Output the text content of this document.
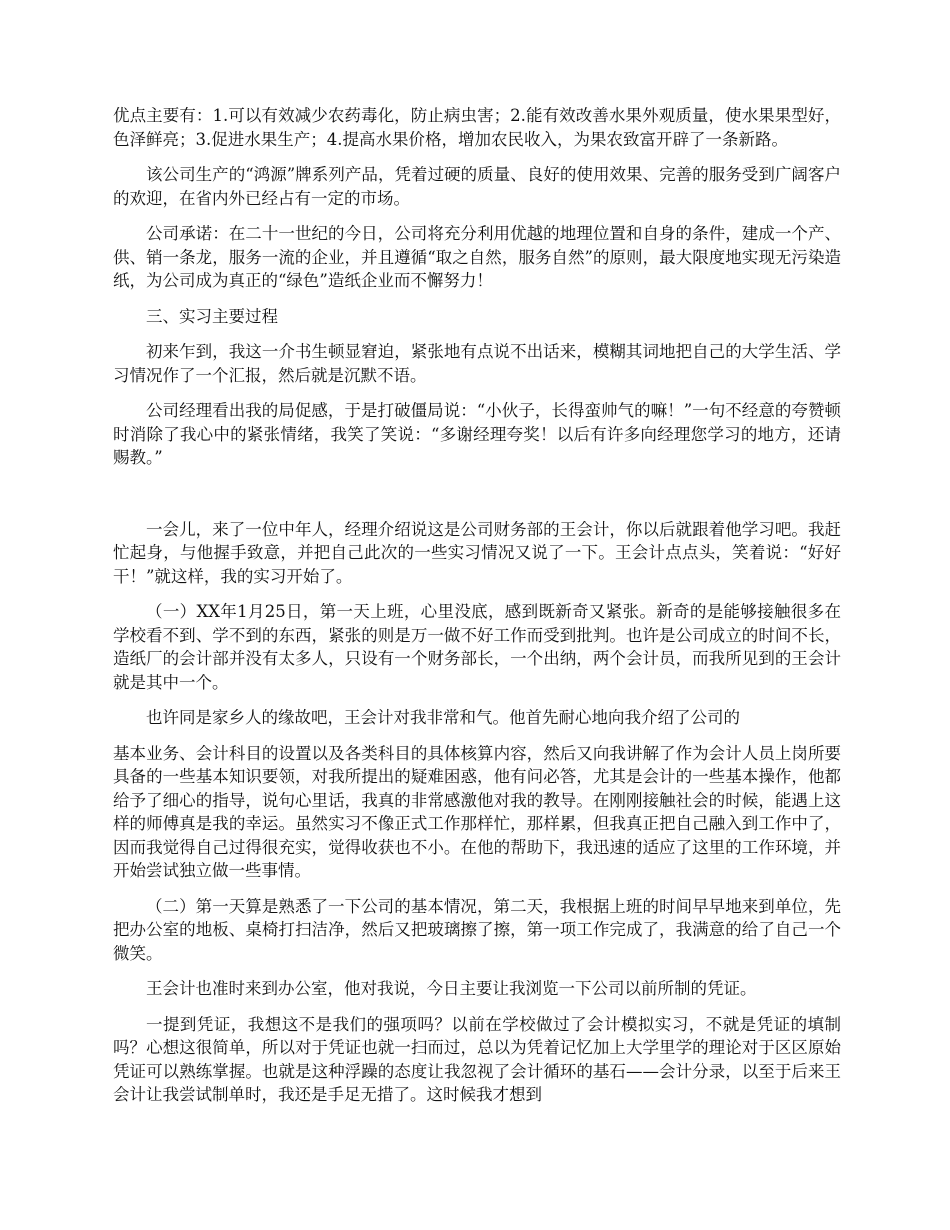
优点主要有：1.可以有效减少农药毒化，防止病虫害；2.能有效改善水果外观质量，使水果果型好，色泽鲜亮；3.促进水果生产；4.提高水果价格，增加农民收入，为果农致富开辟了一条新路。

该公司生产的“鸿源”牌系列产品，凭着过硬的质量、良好的使用效果、完善的服务受到广阔客户的欢迎，在省内外已经占有一定的市场。

公司承诺：在二十一世纪的今日，公司将充分利用优越的地理位置和自身的条件，建成一个产、供、销一条龙，服务一流的企业，并且遵循“取之自然，服务自然”的原则，最大限度地实现无污染造纸，为公司成为真正的“绿色”造纸企业而不懈努力！

三、实习主要过程

初来乍到，我这一介书生顿显窘迫，紧张地有点说不出话来，模糊其词地把自己的大学生活、学习情况作了一个汇报，然后就是沉默不语。

公司经理看出我的局促感，于是打破僵局说：“小伙子，长得蛮帅气的嘛！”一句不经意的夸赞顿时消除了我心中的紧张情绪，我笑了笑说：“多谢经理夸奖！以后有许多向经理您学习的地方，还请赐教。”

一会儿，来了一位中年人，经理介绍说这是公司财务部的王会计，你以后就跟着他学习吧。我赶忙起身，与他握手致意，并把自己此次的一些实习情况又说了一下。王会计点点头，笑着说：“好好干！”就这样，我的实习开始了。

（一）XX年1月25日，第一天上班，心里没底，感到既新奇又紧张。新奇的是能够接触很多在学校看不到、学不到的东西，紧张的则是万一做不好工作而受到批判。也许是公司成立的时间不长，造纸厂的会计部并没有太多人，只设有一个财务部长，一个出纳，两个会计员，而我所见到的王会计就是其中一个。

也许同是家乡人的缘故吧，王会计对我非常和气。他首先耐心地向我介绍了公司的

基本业务、会计科目的设置以及各类科目的具体核算内容，然后又向我讲解了作为会计人员上岗所要具备的一些基本知识要领，对我所提出的疑难困惑，他有问必答，尤其是会计的一些基本操作，他都给予了细心的指导，说句心里话，我真的非常感激他对我的教导。在刚刚接触社会的时候，能遇上这样的师傅真是我的幸运。虽然实习不像正式工作那样忙，那样累，但我真正把自己融入到工作中了，因而我觉得自己过得很充实，觉得收获也不小。在他的帮助下，我迅速的适应了这里的工作环境，并开始尝试独立做一些事情。

（二）第一天算是熟悉了一下公司的基本情况，第二天，我根据上班的时间早早地来到单位，先把办公室的地板、桌椅打扫洁净，然后又把玻璃擦了擦，第一项工作完成了，我满意的给了自己一个微笑。

王会计也准时来到办公室，他对我说，今日主要让我浏览一下公司以前所制的凭证。

一提到凭证，我想这不是我们的强项吗？以前在学校做过了会计模拟实习，不就是凭证的填制吗？心想这很简单，所以对于凭证也就一扫而过，总以为凭着记忆加上大学里学的理论对于区区原始凭证可以熟练掌握。也就是这种浮躁的态度让我忽视了会计循环的基石——会计分录，以至于后来王会计让我尝试制单时，我还是手足无措了。这时候我才想到
